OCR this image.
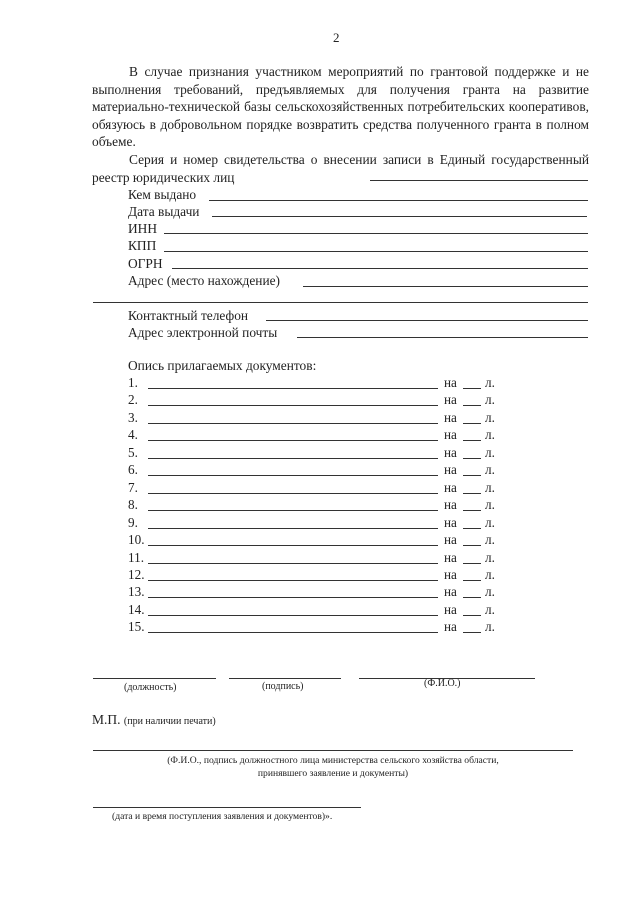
2
В случае признания участником мероприятий по грантовой поддержке и не выполнения требований, предъявляемых для получения гранта на развитие материально-технической базы сельскохозяйственных потребительских кооперативов, обязуюсь в добровольном порядке возвратить средства полученного гранта в полном объеме.
Серия и номер свидетельства о внесении записи в Единый государственный реестр юридических лиц
Кем выдано
Дата выдачи
ИНН
КПП
ОГРН
Адрес (место нахождение)
Контактный телефон
Адрес электронной почты
Опись прилагаемых документов:
1.	на л.
2.	на л.
3.	на л.
4.	на л.
5.	на л.
6.	на л.
7.	на л.
8.	на л.
9.	на л.
10.	на л.
11.	на л.
12.	на л.
13.	на л.
14.	на л.
15.	на л.
(должность)	(подпись)	(Ф.И.О.)
М.П. (при наличии печати)
(Ф.И.О., подпись должностного лица министерства сельского хозяйства области,
принявшего заявление и документы)
(дата и время поступления заявления и документов)».
